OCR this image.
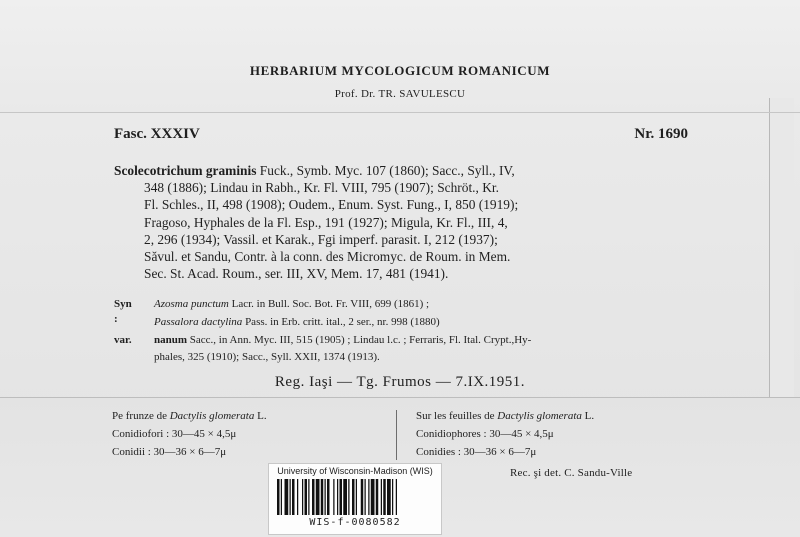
HERBARIUM MYCOLOGICUM ROMANICUM
Prof. Dr. TR. SAVULESCU
Fasc. XXXIV	Nr. 1690
Scolecotrichum graminis Fuck., Symb. Myc. 107 (1860); Sacc., Syll., IV,
348 (1886); Lindau in Rabh., Kr. Fl. VIII, 795 (1907); Schröt., Kr.
Fl. Schles., II, 498 (1908); Oudem., Enum. Syst. Fung., I, 850 (1919);
Fragoso, Hyphales de la Fl. Esp., 191 (1927); Migula, Kr. Fl., III, 4,
2, 296 (1934); Vassil. et Karak., Fgi imperf. parasit. I, 212 (1937);
Săvul. et Sandu, Contr. à la conn. des Micromyc. de Roum. in Mem.
Sec. St. Acad. Roum., ser. III, XV, Mem. 17, 481 (1941).
Syn :
Azosma punctum Lacr. in Bull. Soc. Bot. Fr. VIII, 699 (1861) ;
Passalora dactylina Pass. in Erb. critt. ital., 2 ser., nr. 998 (1880)
var. nanum Sacc., in Ann. Myc. III, 515 (1905) ; Lindau l.c. ; Ferraris, Fl. Ital. Crypt.,Hy-
phales, 325 (1910); Sacc., Syll. XXII, 1374 (1913).
Reg. Iaşi — Tg. Frumos — 7.IX.1951.
Pe frunze de Dactylis glomerata L.
Conidiofori : 30—45 × 4,5μ
Conidii : 30—36 × 6—7μ
Sur les feuilles de Dactylis glomerata L.
Conidiophores : 30—45 × 4,5μ
Conidies : 30—36 × 6—7μ
Rec. şi det. C. Sandu-Ville
University of Wisconsin-Madison (WIS)
WIS-f-0080582
